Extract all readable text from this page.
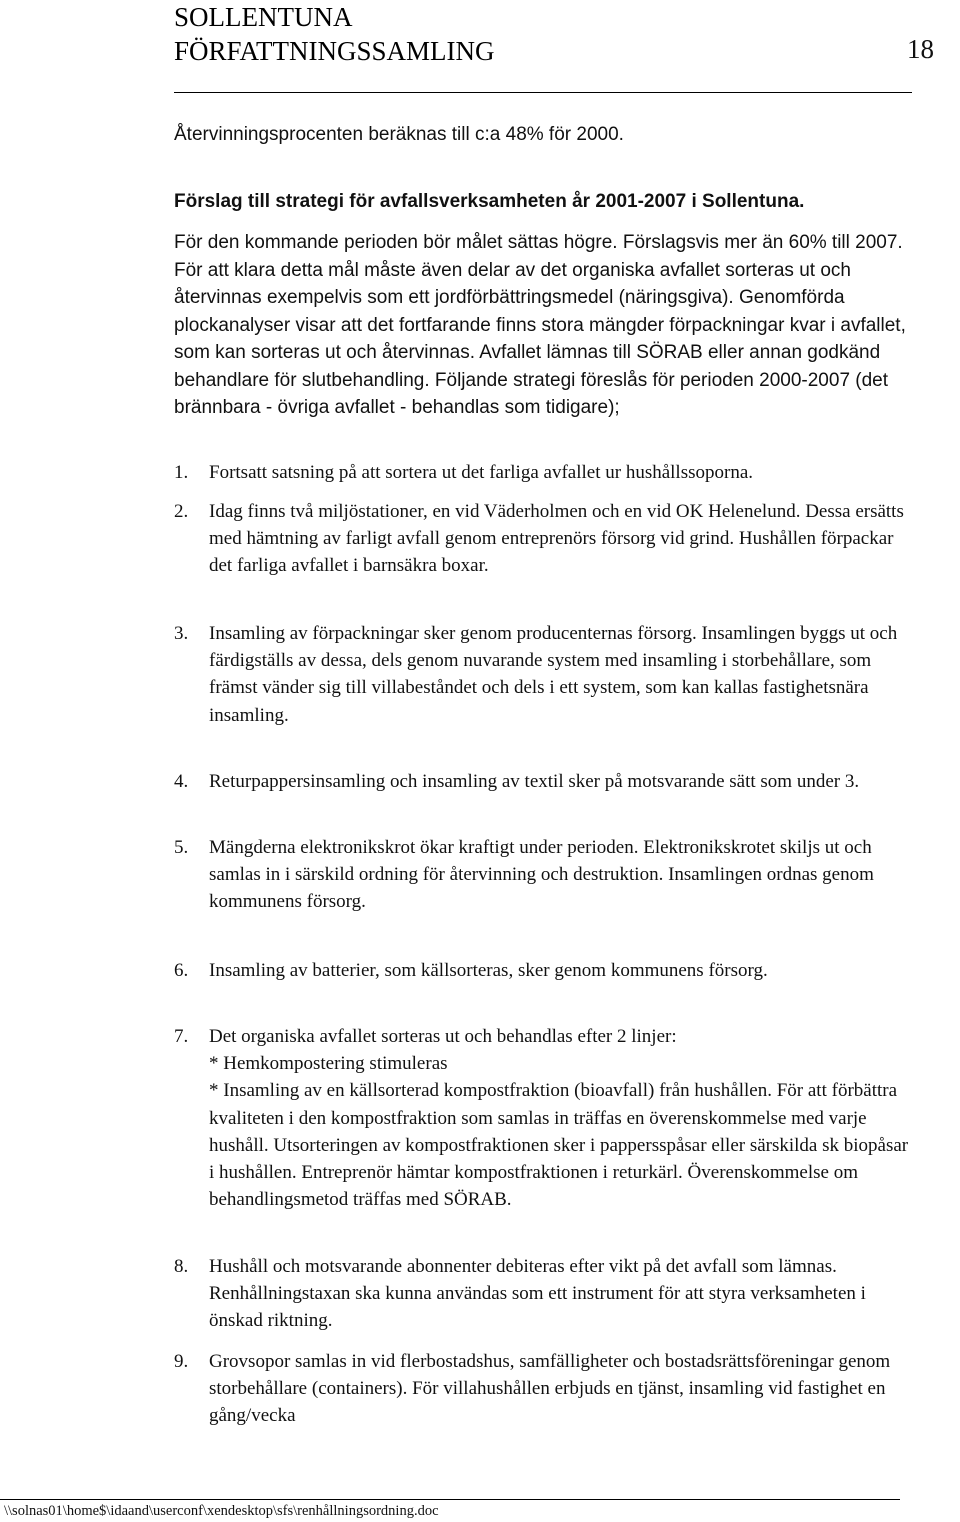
SOLLENTUNA
FÖRFATTNINGSSAMLING	18

Återvinningsprocenten beräknas till c:a 48% för 2000.

Förslag till strategi för avfallsverksamheten år 2001-2007 i Sollentuna.

För den kommande perioden bör målet sättas högre. Förslagsvis mer än 60% till 2007. För att klara detta mål måste även delar av det organiska avfallet sorteras ut och återvinnas exempelvis som ett jordförbättringsmedel (näringsgiva). Genomförda plockanalyser visar att det fortfarande finns stora mängder förpackningar kvar i avfallet, som kan sorteras ut och återvinnas. Avfallet lämnas till SÖRAB eller annan godkänd behandlare för slutbehandling. Följande strategi föreslås för perioden 2000-2007 (det brännbara - övriga avfallet - behandlas som tidigare);

1. Fortsatt satsning på att sortera ut det farliga avfallet ur hushållssoporna.
2. Idag finns två miljöstationer, en vid Väderholmen och en vid OK Helenelund. Dessa ersätts med hämtning av farligt avfall genom entreprenörs försorg vid grind. Hushållen förpackar det farliga avfallet i barnsäkra boxar.
3. Insamling av förpackningar sker genom producenternas försorg. Insamlingen byggs ut och färdigställs av dessa, dels genom nuvarande system med insamling i storbehållare, som främst vänder sig till villabeståndet och dels i ett system, som kan kallas fastighetsnära insamling.
4. Returpappersinsamling och insamling av textil sker på motsvarande sätt som under 3.
5. Mängderna elektronikskrot ökar kraftigt under perioden. Elektronikskrotet skiljs ut och samlas in i särskild ordning för återvinning och destruktion. Insamlingen ordnas genom kommunens försorg.
6. Insamling av batterier, som källsorteras, sker genom kommunens försorg.
7. Det organiska avfallet sorteras ut och behandlas efter 2 linjer:
* Hemkompostering stimuleras
* Insamling av en källsorterad kompostfraktion (bioavfall) från hushållen. För att förbättra kvaliteten i den kompostfraktion som samlas in träffas en överenskommelse med varje hushåll. Utsorteringen av kompostfraktionen sker i pappersspåsar eller särskilda sk biopåsar i hushållen. Entreprenör hämtar kompostfraktionen i returkärl. Överenskommelse om behandlingsmetod träffas med SÖRAB.
8. Hushåll och motsvarande abonnenter debiteras efter vikt på det avfall som lämnas. Renhållningstaxan ska kunna användas som ett instrument för att styra verksamheten i önskad riktning.
9. Grovsopor samlas in vid flerbostadshus, samfälligheter och bostadsrättsföreningar genom storbehållare (containers). För villahushållen erbjuds en tjänst, insamling vid fastighet en gång/vecka
\\solnas01\home$\idaand\userconf\xendesktop\sfs\renhållningsordning.doc
